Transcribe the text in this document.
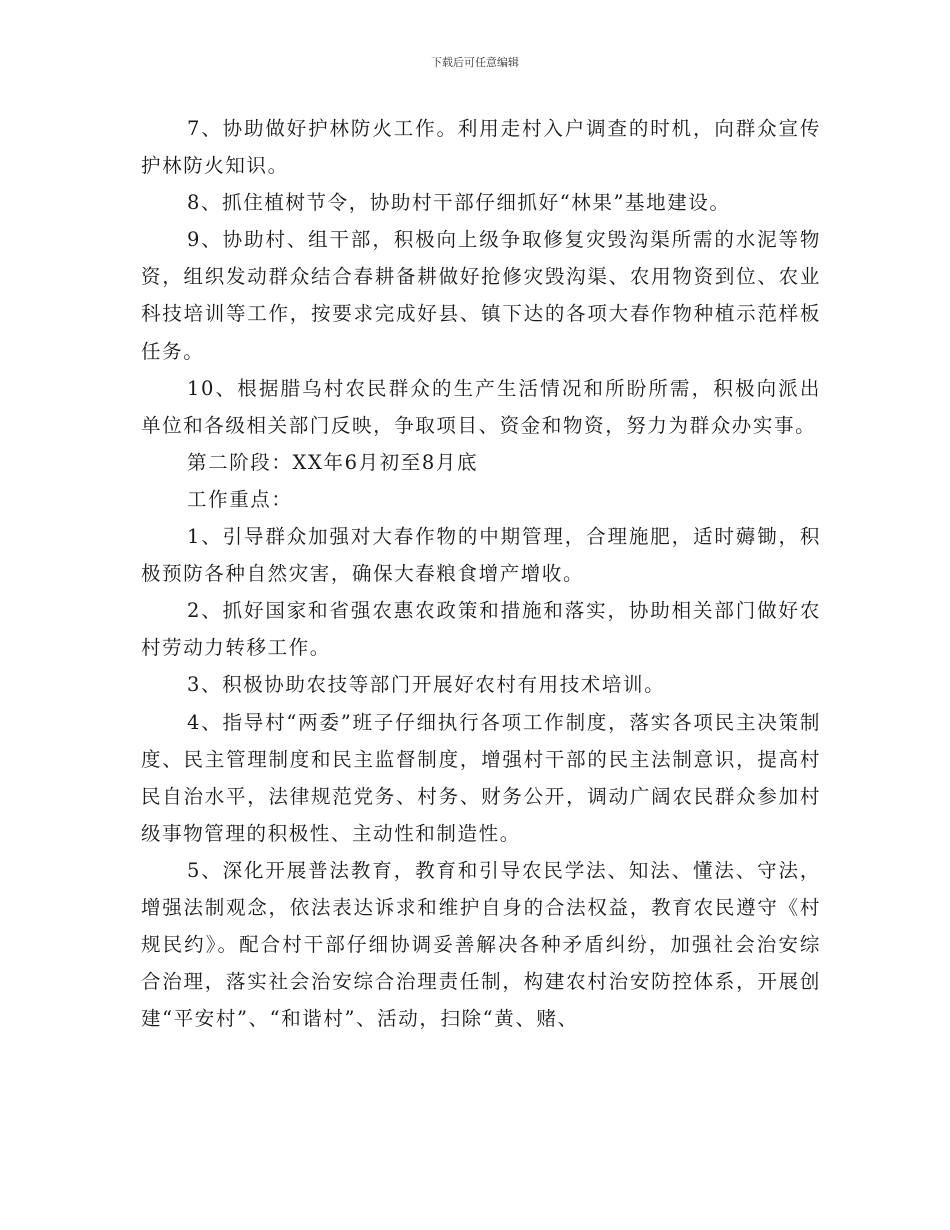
下载后可任意编辑

7、协助做好护林防火工作。利用走村入户调查的时机，向群众宣传护林防火知识。

8、抓住植树节令，协助村干部仔细抓好“林果”基地建设。

9、协助村、组干部，积极向上级争取修复灾毁沟渠所需的水泥等物资，组织发动群众结合春耕备耕做好抢修灾毁沟渠、农用物资到位、农业科技培训等工作，按要求完成好县、镇下达的各项大春作物种植示范样板任务。

10、根据腊乌村农民群众的生产生活情况和所盼所需，积极向派出单位和各级相关部门反映，争取项目、资金和物资，努力为群众办实事。

第二阶段：XX年6月初至8月底

工作重点：

1、引导群众加强对大春作物的中期管理，合理施肥，适时薅锄，积极预防各种自然灾害，确保大春粮食增产增收。

2、抓好国家和省强农惠农政策和措施和落实，协助相关部门做好农村劳动力转移工作。

3、积极协助农技等部门开展好农村有用技术培训。

4、指导村“两委”班子仔细执行各项工作制度，落实各项民主决策制度、民主管理制度和民主监督制度，增强村干部的民主法制意识，提高村民自治水平，法律规范党务、村务、财务公开，调动广阔农民群众参加村级事物管理的积极性、主动性和制造性。

5、深化开展普法教育，教育和引导农民学法、知法、懂法、守法，增强法制观念，依法表达诉求和维护自身的合法权益，教育农民遵守《村规民约》。配合村干部仔细协调妥善解决各种矛盾纠纷，加强社会治安综合治理，落实社会治安综合治理责任制，构建农村治安防控体系，开展创建“平安村”、“和谐村”、活动，扫除“黄、赌、
